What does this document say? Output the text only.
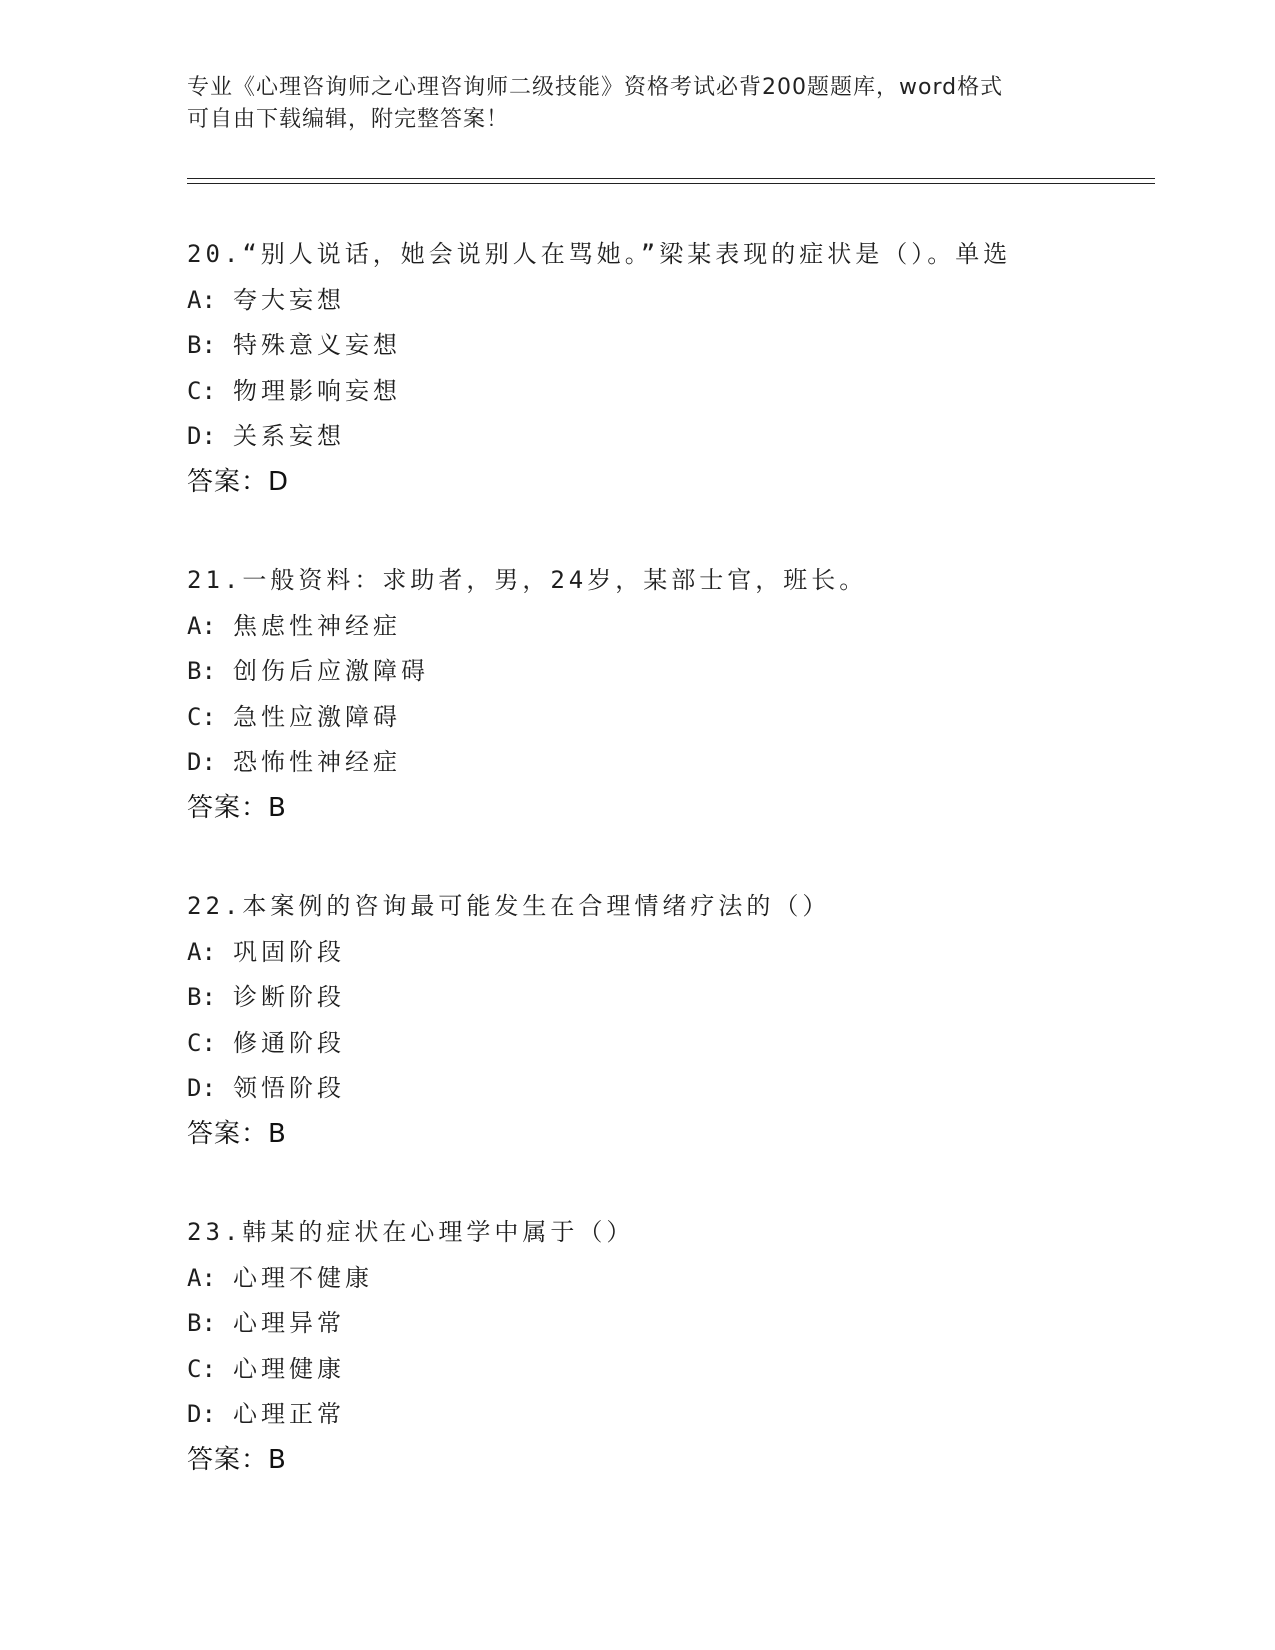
专业《心理咨询师之心理咨询师二级技能》资格考试必背200题题库，word格式
可自由下载编辑，附完整答案！
20.“别人说话，她会说别人在骂她。”梁某表现的症状是（）。单选
A: 夸大妄想
B: 特殊意义妄想
C: 物理影响妄想
D: 关系妄想
答案：D
21.一般资料：求助者，男，24岁，某部士官，班长。
A: 焦虑性神经症
B: 创伤后应激障碍
C: 急性应激障碍
D: 恐怖性神经症
答案：B
22.本案例的咨询最可能发生在合理情绪疗法的（）
A: 巩固阶段
B: 诊断阶段
C: 修通阶段
D: 领悟阶段
答案：B
23.韩某的症状在心理学中属于（）
A: 心理不健康
B: 心理异常
C: 心理健康
D: 心理正常
答案：B
